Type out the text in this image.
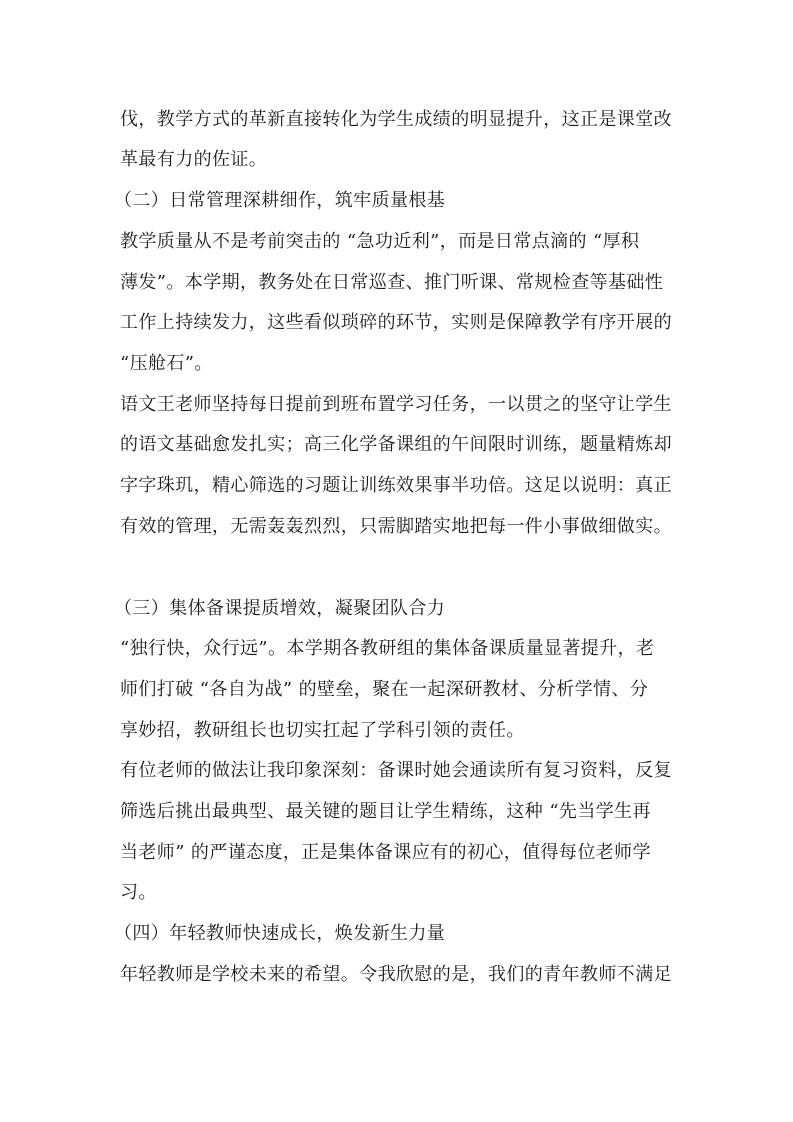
伐，教学方式的革新直接转化为学生成绩的明显提升，这正是课堂改
革最有力的佐证。
（二）日常管理深耕细作，筑牢质量根基
教学质量从不是考前突击的 “急功近利”，而是日常点滴的 “厚积
薄发”。本学期，教务处在日常巡查、推门听课、常规检查等基础性
工作上持续发力，这些看似琐碎的环节，实则是保障教学有序开展的
“压舱石”。
语文王老师坚持每日提前到班布置学习任务，一以贯之的坚守让学生
的语文基础愈发扎实；高三化学备课组的午间限时训练，题量精炼却
字字珠玑，精心筛选的习题让训练效果事半功倍。这足以说明：真正
有效的管理，无需轰轰烈烈，只需脚踏实地把每一件小事做细做实。
（三）集体备课提质增效，凝聚团队合力
“独行快，众行远”。本学期各教研组的集体备课质量显著提升，老
师们打破 “各自为战” 的壁垒，聚在一起深研教材、分析学情、分
享妙招，教研组长也切实扛起了学科引领的责任。
有位老师的做法让我印象深刻：备课时她会通读所有复习资料，反复
筛选后挑出最典型、最关键的题目让学生精练，这种 “先当学生再
当老师” 的严谨态度，正是集体备课应有的初心，值得每位老师学
习。
（四）年轻教师快速成长，焕发新生力量
年轻教师是学校未来的希望。令我欣慰的是，我们的青年教师不满足
